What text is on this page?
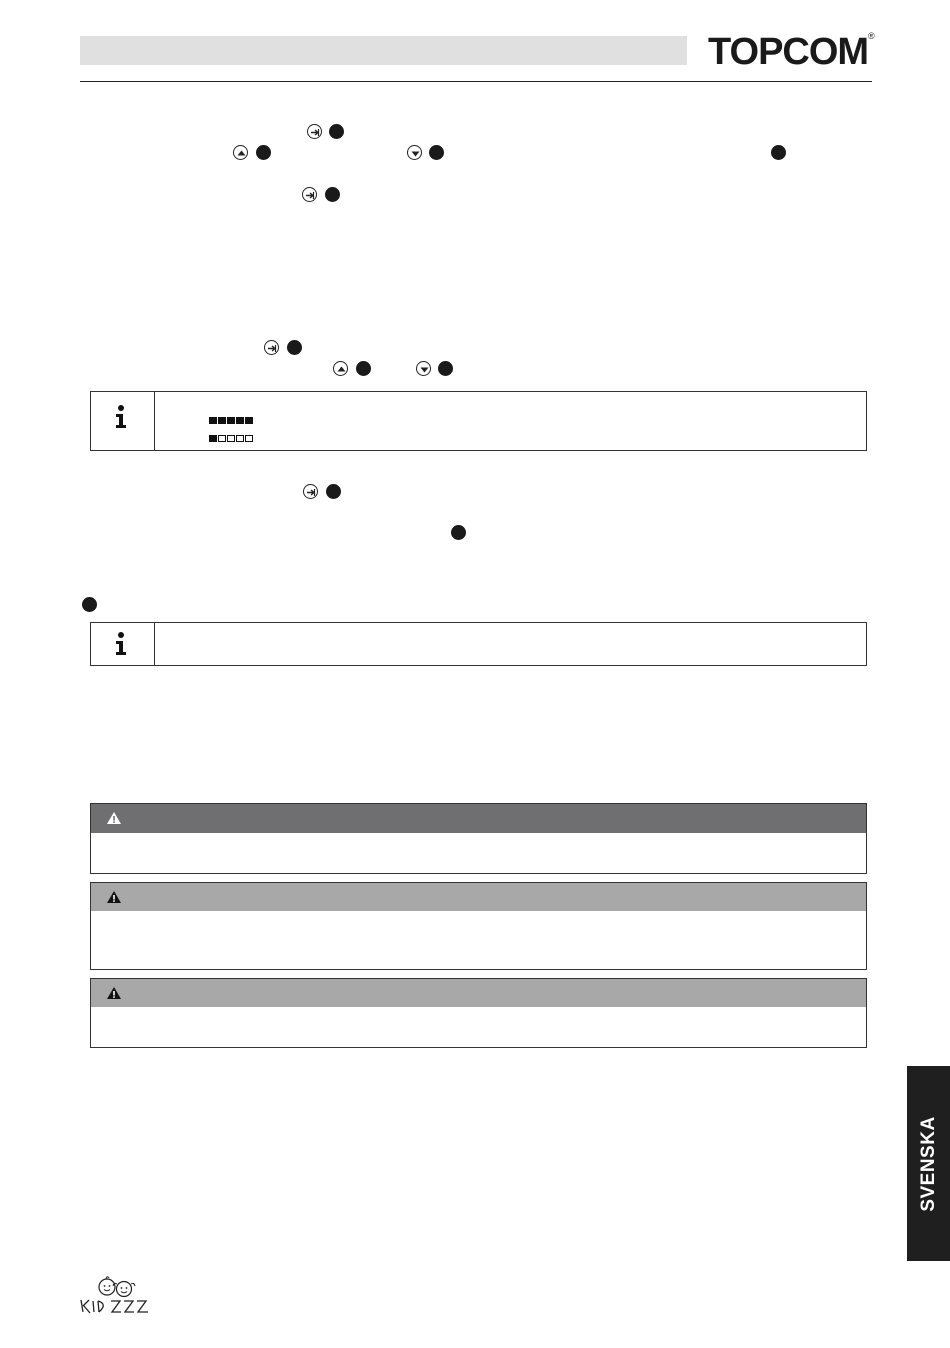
TOPCOM ®
SVENSKA
